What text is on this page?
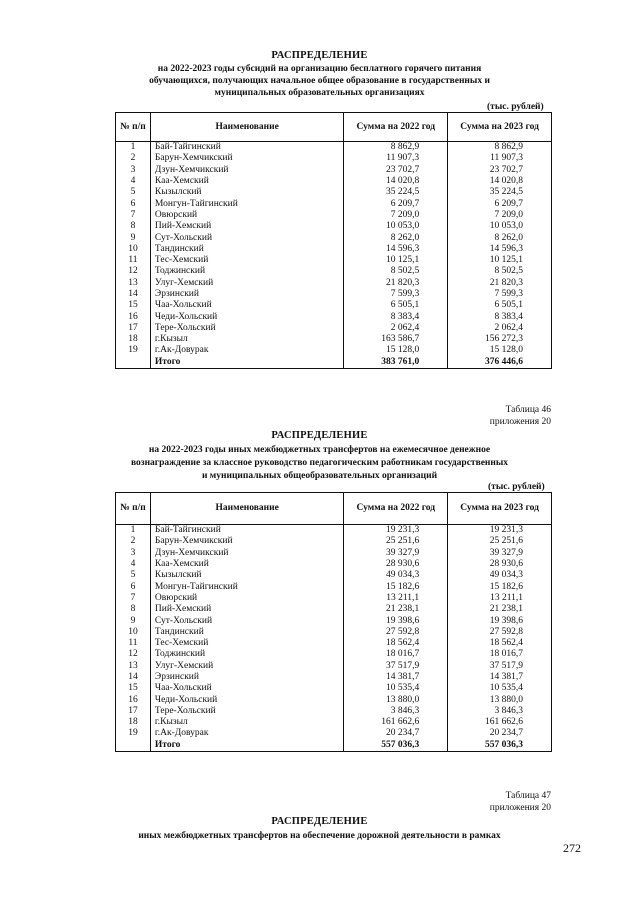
РАСПРЕДЕЛЕНИЕ
на 2022-2023 годы субсидий на организацию бесплатного горячего питания
обучающихся, получающих начальное общее образование в государственных и
муниципальных образовательных организациях
(тыс. рублей)
№ п/п	Наименование	Сумма на 2022 год	Сумма на 2023 год
1	Бай-Тайгинский	8 862,9	8 862,9
2	Барун-Хемчикский	11 907,3	11 907,3
3	Дзун-Хемчикский	23 702,7	23 702,7
4	Каа-Хемский	14 020,8	14 020,8
5	Кызылский	35 224,5	35 224,5
6	Монгун-Тайгинский	6 209,7	6 209,7
7	Овюрский	7 209,0	7 209,0
8	Пий-Хемский	10 053,0	10 053,0
9	Сут-Хольский	8 262,0	8 262,0
10	Тандинский	14 596,3	14 596,3
11	Тес-Хемский	10 125,1	10 125,1
12	Тоджинский	8 502,5	8 502,5
13	Улуг-Хемский	21 820,3	21 820,3
14	Эрзинский	7 599,3	7 599,3
15	Чаа-Хольский	6 505,1	6 505,1
16	Чеди-Хольский	8 383,4	8 383,4
17	Тере-Хольский	2 062,4	2 062,4
18	г.Кызыл	163 586,7	156 272,3
19	г.Ак-Довурак	15 128,0	15 128,0
	Итого	383 761,0	376 446,6
Таблица 46
приложения 20
РАСПРЕДЕЛЕНИЕ
на 2022-2023 годы иных межбюджетных трансфертов на ежемесячное денежное
вознаграждение за классное руководство педагогическим работникам государственных
и муниципальных общеобразовательных организаций
(тыс. рублей)
№ п/п	Наименование	Сумма на 2022 год	Сумма на 2023 год
1	Бай-Тайгинский	19 231,3	19 231,3
2	Барун-Хемчикский	25 251,6	25 251,6
3	Дзун-Хемчикский	39 327,9	39 327,9
4	Каа-Хемский	28 930,6	28 930,6
5	Кызылский	49 034,3	49 034,3
6	Монгун-Тайгинский	15 182,6	15 182,6
7	Овюрский	13 211,1	13 211,1
8	Пий-Хемский	21 238,1	21 238,1
9	Сут-Хольский	19 398,6	19 398,6
10	Тандинский	27 592,8	27 592,8
11	Тес-Хемский	18 562,4	18 562,4
12	Тоджинский	18 016,7	18 016,7
13	Улуг-Хемский	37 517,9	37 517,9
14	Эрзинский	14 381,7	14 381,7
15	Чаа-Хольский	10 535,4	10 535,4
16	Чеди-Хольский	13 880,0	13 880,0
17	Тере-Хольский	3 846,3	3 846,3
18	г.Кызыл	161 662,6	161 662,6
19	г.Ак-Довурак	20 234,7	20 234,7
	Итого	557 036,3	557 036,3
Таблица 47
приложения 20
РАСПРЕДЕЛЕНИЕ
иных межбюджетных трансфертов на обеспечение дорожной деятельности в рамках
272
